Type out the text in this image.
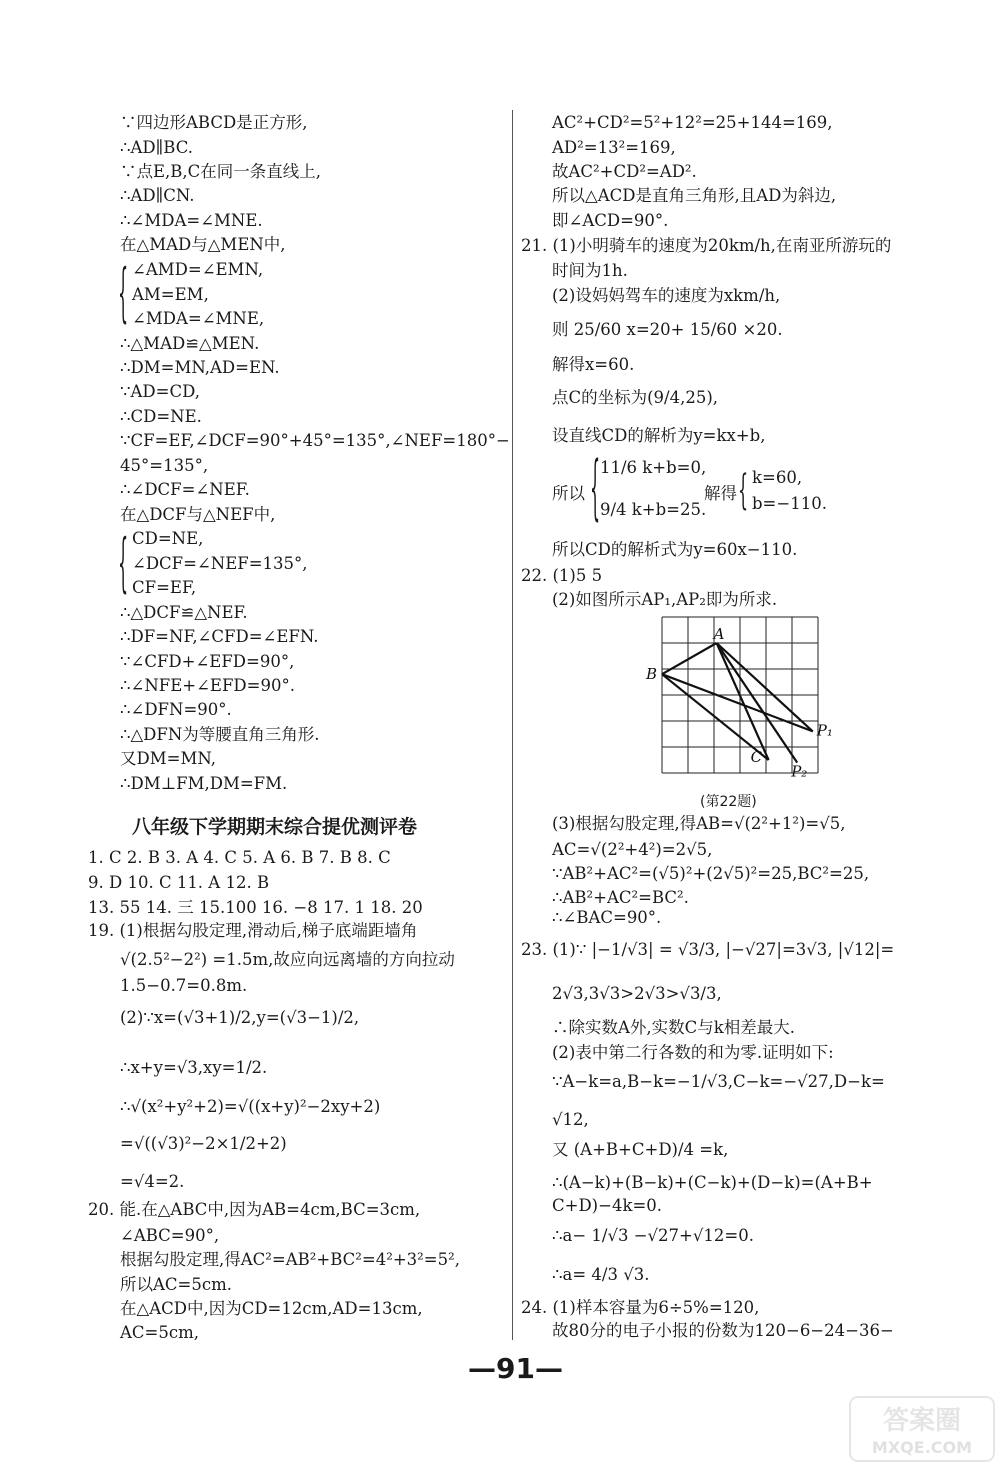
∵四边形ABCD是正方形,
∴AD∥BC.
∵点E,B,C在同一条直线上,
∴AD∥CN.
∴∠MDA=∠MNE.
在△MAD与△MEN中,
∠AMD=∠EMN,
AM=EM,
∠MDA=∠MNE,
∴△MAD≌△MEN.
∴DM=MN,AD=EN.
∵AD=CD,
∴CD=NE.
∵CF=EF,∠DCF=90°+45°=135°,∠NEF=180°−
45°=135°,
∴∠DCF=∠NEF.
在△DCF与△NEF中,
CD=NE,
∠DCF=∠NEF=135°,
CF=EF,
∴△DCF≌△NEF.
∴DF=NF,∠CFD=∠EFN.
∵∠CFD+∠EFD=90°,
∴∠NFE+∠EFD=90°.
∴∠DFN=90°.
∴△DFN为等腰直角三角形.
又DM=MN,
∴DM⊥FM,DM=FM.
{
{
八年级下学期期末综合提优测评卷
1. C 2. B 3. A 4. C 5. A 6. B 7. B 8. C
9. D 10. C 11. A 12. B
13. 55 14. 三 15.100 16. −8 17. 1 18. 20
19. (1)根据勾股定理,滑动后,梯子底端距墙角
√(2.5²−2²) =1.5m,故应向远离墙的方向拉动
1.5−0.7=0.8m.
(2)∵x=(√3+1)/2,y=(√3−1)/2,
∴x+y=√3,xy=1/2.
∴√(x²+y²+2)=√((x+y)²−2xy+2)
=√((√3)²−2×1/2+2)
=√4=2.
20. 能.在△ABC中,因为AB=4cm,BC=3cm,
∠ABC=90°,
根据勾股定理,得AC²=AB²+BC²=4²+3²=5²,
所以AC=5cm.
在△ACD中,因为CD=12cm,AD=13cm,
AC=5cm,
AC²+CD²=5²+12²=25+144=169,
AD²=13²=169,
故AC²+CD²=AD².
所以△ACD是直角三角形,且AD为斜边,
即∠ACD=90°.
21. (1)小明骑车的速度为20km/h,在南亚所游玩的
时间为1h.
(2)设妈妈驾车的速度为xkm/h,
则 25/60 x=20+ 15/60 ×20.
解得x=60.
点C的坐标为(9/4,25),
设直线CD的解析为y=kx+b,
11/6 k+b=0,
所以
9/4 k+b=25.
解得
k=60,
b=−110.
所以CD的解析式为y=60x−110.
{	{
22. (1)5 5
(2)如图所示AP₁,AP₂即为所求.
(3)根据勾股定理,得AB=√(2²+1²)=√5,
AC=√(2²+4²)=2√5,
∵AB²+AC²=(√5)²+(2√5)²=25,BC²=25,
∴AB²+AC²=BC².
∴∠BAC=90°.
A
B
C
P₁
P₂
(第22题)
23. (1)∵ |−1/√3| = √3/3, |−√27|=3√3, |√12|=
2√3,3√3>2√3>√3/3,
∴除实数A外,实数C与k相差最大.
(2)表中第二行各数的和为零.证明如下:
∵A−k=a,B−k=−1/√3,C−k=−√27,D−k=
√12,
又 (A+B+C+D)/4 =k,
∴(A−k)+(B−k)+(C−k)+(D−k)=(A+B+
C+D)−4k=0.
∴a− 1/√3 −√27+√12=0.
∴a= 4/3 √3.
24. (1)样本容量为6÷5%=120,
故80分的电子小报的份数为120−6−24−36−
—91—
MXQE.COM
答案圈
